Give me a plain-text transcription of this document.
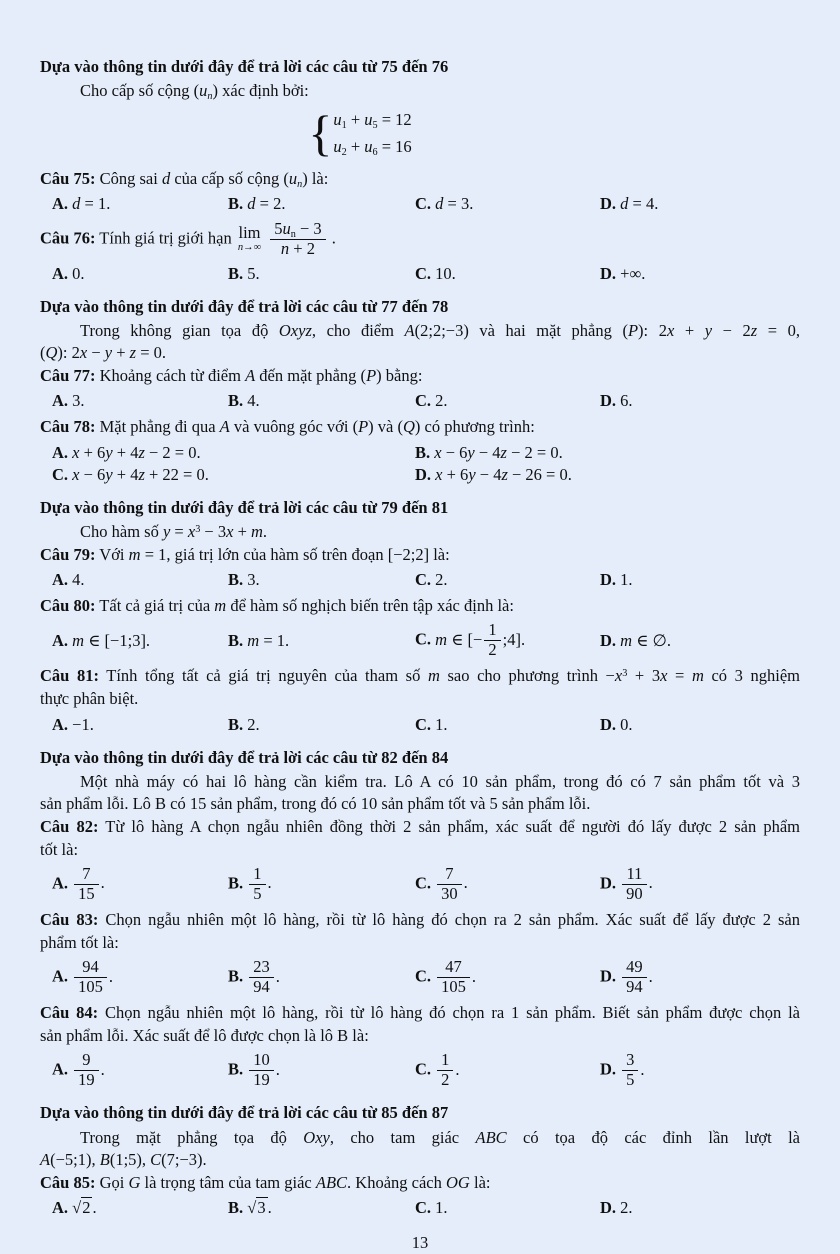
Dựa vào thông tin dưới đây để trả lời các câu từ 75 đến 76
Cho cấp số cộng $(u_n)$ xác định bởi:
{ $u_1 + u_5 = 12$
$u_2 + u_6 = 16$
Câu 75: Công sai d của cấp số cộng $(u_n)$ là:
A. d = 1.	B. d = 2.	C. d = 3.	D. d = 4.
Câu 76: Tính giá trị giới hạn lim
n→∞
$\frac{5u_n - 3}{n + 2}$ .
A. 0.	B. 5.	C. 10.	D. +∞.
Dựa vào thông tin dưới đây để trả lời các câu từ 77 đến 78
Trong không gian tọa độ Oxyz, cho điểm A(2;2;−3) và hai mặt phẳng (P): 2x + y − 2z = 0,
(Q): 2x − y + z = 0.
Câu 77: Khoảng cách từ điểm A đến mặt phẳng (P) bằng:
A. 3.	B. 4.	C. 2.	D. 6.
Câu 78: Mặt phẳng đi qua A và vuông góc với (P) và (Q) có phương trình:
A. x + 6y + 4z − 2 = 0.	B. x − 6y − 4z − 2 = 0.
C. x − 6y + 4z + 22 = 0.	D. x + 6y − 4z − 26 = 0.
Dựa vào thông tin dưới đây để trả lời các câu từ 79 đến 81
Cho hàm số $y = x^3 - 3x + m$.
Câu 79: Với m = 1, giá trị lớn của hàm số trên đoạn [−2;2] là:
A. 4.	B. 3.	C. 2.	D. 1.
Câu 80: Tất cả giá trị của m để hàm số nghịch biến trên tập xác định là:
A. m ∈ [−1;3].	B. m = 1.	C. m ∈ [− $\frac{1}{2}$ ;4].	D. m ∈ ∅.
Câu 81: Tính tổng tất cả giá trị nguyên của tham số m sao cho phương trình $-x^3 + 3x = m$ có 3 nghiệm
thực phân biệt.
A. −1.	B. 2.	C. 1.	D. 0.
Dựa vào thông tin dưới đây để trả lời các câu từ 82 đến 84
Một nhà máy có hai lô hàng cần kiểm tra. Lô A có 10 sản phẩm, trong đó có 7 sản phẩm tốt và 3
sản phẩm lỗi. Lô B có 15 sản phẩm, trong đó có 10 sản phẩm tốt và 5 sản phẩm lỗi.
Câu 82: Từ lô hàng A chọn ngẫu nhiên đồng thời 2 sản phẩm, xác suất để người đó lấy được 2 sản phẩm
tốt là:
A. $\frac{7}{15}$ .	B. $\frac{1}{5}$ .	C. $\frac{7}{30}$ .	D. $\frac{11}{90}$ .
Câu 83: Chọn ngẫu nhiên một lô hàng, rồi từ lô hàng đó chọn ra 2 sản phẩm. Xác suất để lấy được 2 sản
phẩm tốt là:
A. $\frac{94}{105}$ .	B. $\frac{23}{94}$ .	C. $\frac{47}{105}$ .	D. $\frac{49}{94}$ .
Câu 84: Chọn ngẫu nhiên một lô hàng, rồi từ lô hàng đó chọn ra 1 sản phẩm. Biết sản phẩm được chọn là
sản phẩm lỗi. Xác suất để lô được chọn là lô B là:
A. $\frac{9}{19}$ .	B. $\frac{10}{19}$ .	C. $\frac{1}{2}$ .	D. $\frac{3}{5}$ .
Dựa vào thông tin dưới đây để trả lời các câu từ 85 đến 87
Trong mặt phẳng tọa độ Oxy, cho tam giác ABC có tọa độ các đỉnh lần lượt là
A(−5;1), B(1;5), C(7;−3).
Câu 85: Gọi G là trọng tâm của tam giác ABC. Khoảng cách OG là:
A. √2 .	B. √3 .	C. 1.	D. 2.
13
